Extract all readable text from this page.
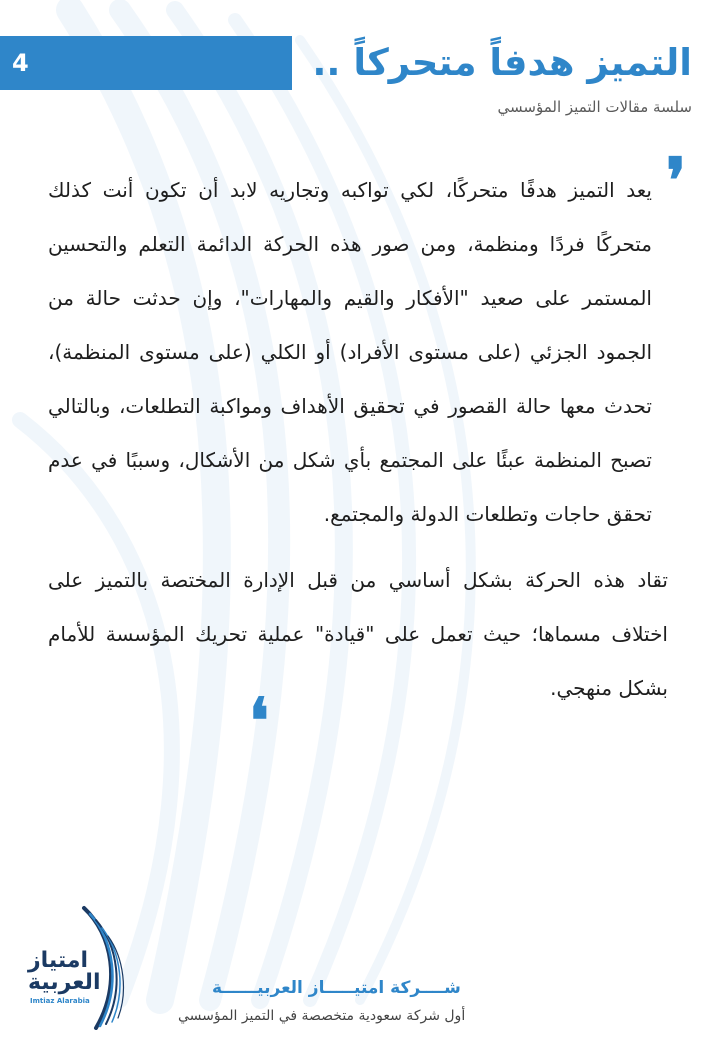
4	التميز هدفاً متحركاً ..
سلسة مقالات التميز المؤسسي
❜

يعد التميز هدفًا متحركًا، لكي تواكبه وتجاريه لابد أن تكون أنت كذلك متحركًا فردًا ومنظمة، ومن صور هذه الحركة الدائمة التعلم والتحسين المستمر على صعيد "الأفكار والقيم والمهارات"، وإن حدثت حالة من الجمود الجزئي (على مستوى الأفراد) أو الكلي (على مستوى المنظمة)، تحدث معها حالة القصور في تحقيق الأهداف ومواكبة التطلعات، وبالتالي تصبح المنظمة عبئًا على المجتمع بأي شكل من الأشكال، وسببًا في عدم تحقق حاجات وتطلعات الدولة والمجتمع.

تقاد هذه الحركة بشكل أساسي من قبل الإدارة المختصة بالتميز على اختلاف مسماها؛ حيث تعمل على "قيادة" عملية تحريك المؤسسة للأمام بشكل منهجي.

❛
امتياز
العربية
Imtiaz Alarabia
شــــركة امتيـــــاز العربيــــــة
أول شركة سعودية متخصصة في التميز المؤسسي
